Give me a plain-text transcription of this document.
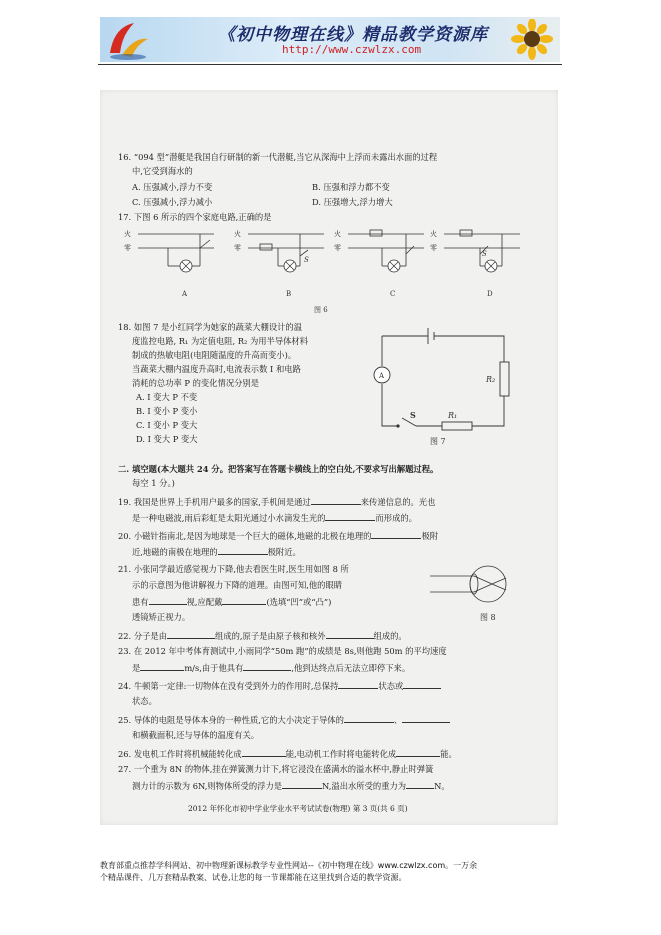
《初中物理在线》精品教学资源库
http://www.czwlzx.com
16. “094 型”潜艇是我国自行研制的新一代潜艇,当它从深海中上浮而未露出水面的过程
中,它受到海水的
A. 压强减小,浮力不变	B. 压强和浮力都不变
C. 压强减小,浮力减小	D. 压强增大,浮力增大
17. 下图 6 所示的四个家庭电路,正确的是
火
零
火
零
火
零
火
零
S
S
A	B	C	D
图 6
18. 如图 7 是小红同学为她家的蔬菜大棚设计的温
度监控电路, R₁ 为定值电阻, R₂ 为用半导体材料
制成的热敏电阻(电阻随温度的升高而变小)。
当蔬菜大棚内温度升高时,电流表示数 I 和电路
消耗的总功率 P 的变化情况分别是
A. I 变大 P 不变
B. I 变小 P 变小
C. I 变小 P 变大
D. I 变大 P 变大
A	R₂
R₁
S
图 7
二. 填空题(本大题共 24 分。把答案写在答题卡横线上的空白处,不要求写出解题过程。
每空 1 分。)
19. 我国是世界上手机用户最多的国家,手机间是通过	来传递信息的。光也
是一种电磁波,雨后彩虹是太阳光通过小水滴发生光的	而形成的。
20. 小磁针指南北,是因为地球是一个巨大的磁体,地磁的北极在地理的	极附
近,地磁的南极在地理的	极附近。
21. 小张同学最近感觉视力下降,他去看医生时,医生用如图 8 所
示的示意图为他讲解视力下降的道理。由图可知,他的眼睛
患有	视,应配戴	(选填“凹”或“凸”)
透镜矫正视力。	图 8
22. 分子是由	组成的,原子是由原子核和核外	组成的。
23. 在 2012 年中考体育测试中,小雨同学“50m 跑”的成绩是 8s,则他跑 50m 的平均速度
是	m/s,由于他具有	,他到达终点后无法立即停下来。
24. 牛顿第一定律:一切物体在没有受到外力的作用时,总保持	状态或
状态。
25. 导体的电阻是导体本身的一种性质,它的大小决定于导体的	、
和横截面积,还与导体的温度有关。
26. 发电机工作时将机械能转化成	能,电动机工作时将电能转化成	能。
27. 一个重为 8N 的物体,挂在弹簧测力计下,将它浸没在盛满水的溢水杯中,静止时弹簧
测力计的示数为 6N,则物体所受的浮力是	N,溢出水所受的重力为	N。
2012 年怀化市初中学业学业水平考试试卷(物理) 第 3 页(共 6 页)
教育部重点推荐学科网站、初中物理新课标教学专业性网站--《初中物理在线》www.czwlzx.com。一万余
个精品课件、几万套精品教案、试卷,让您的每一节课都能在这里找到合适的教学资源。
